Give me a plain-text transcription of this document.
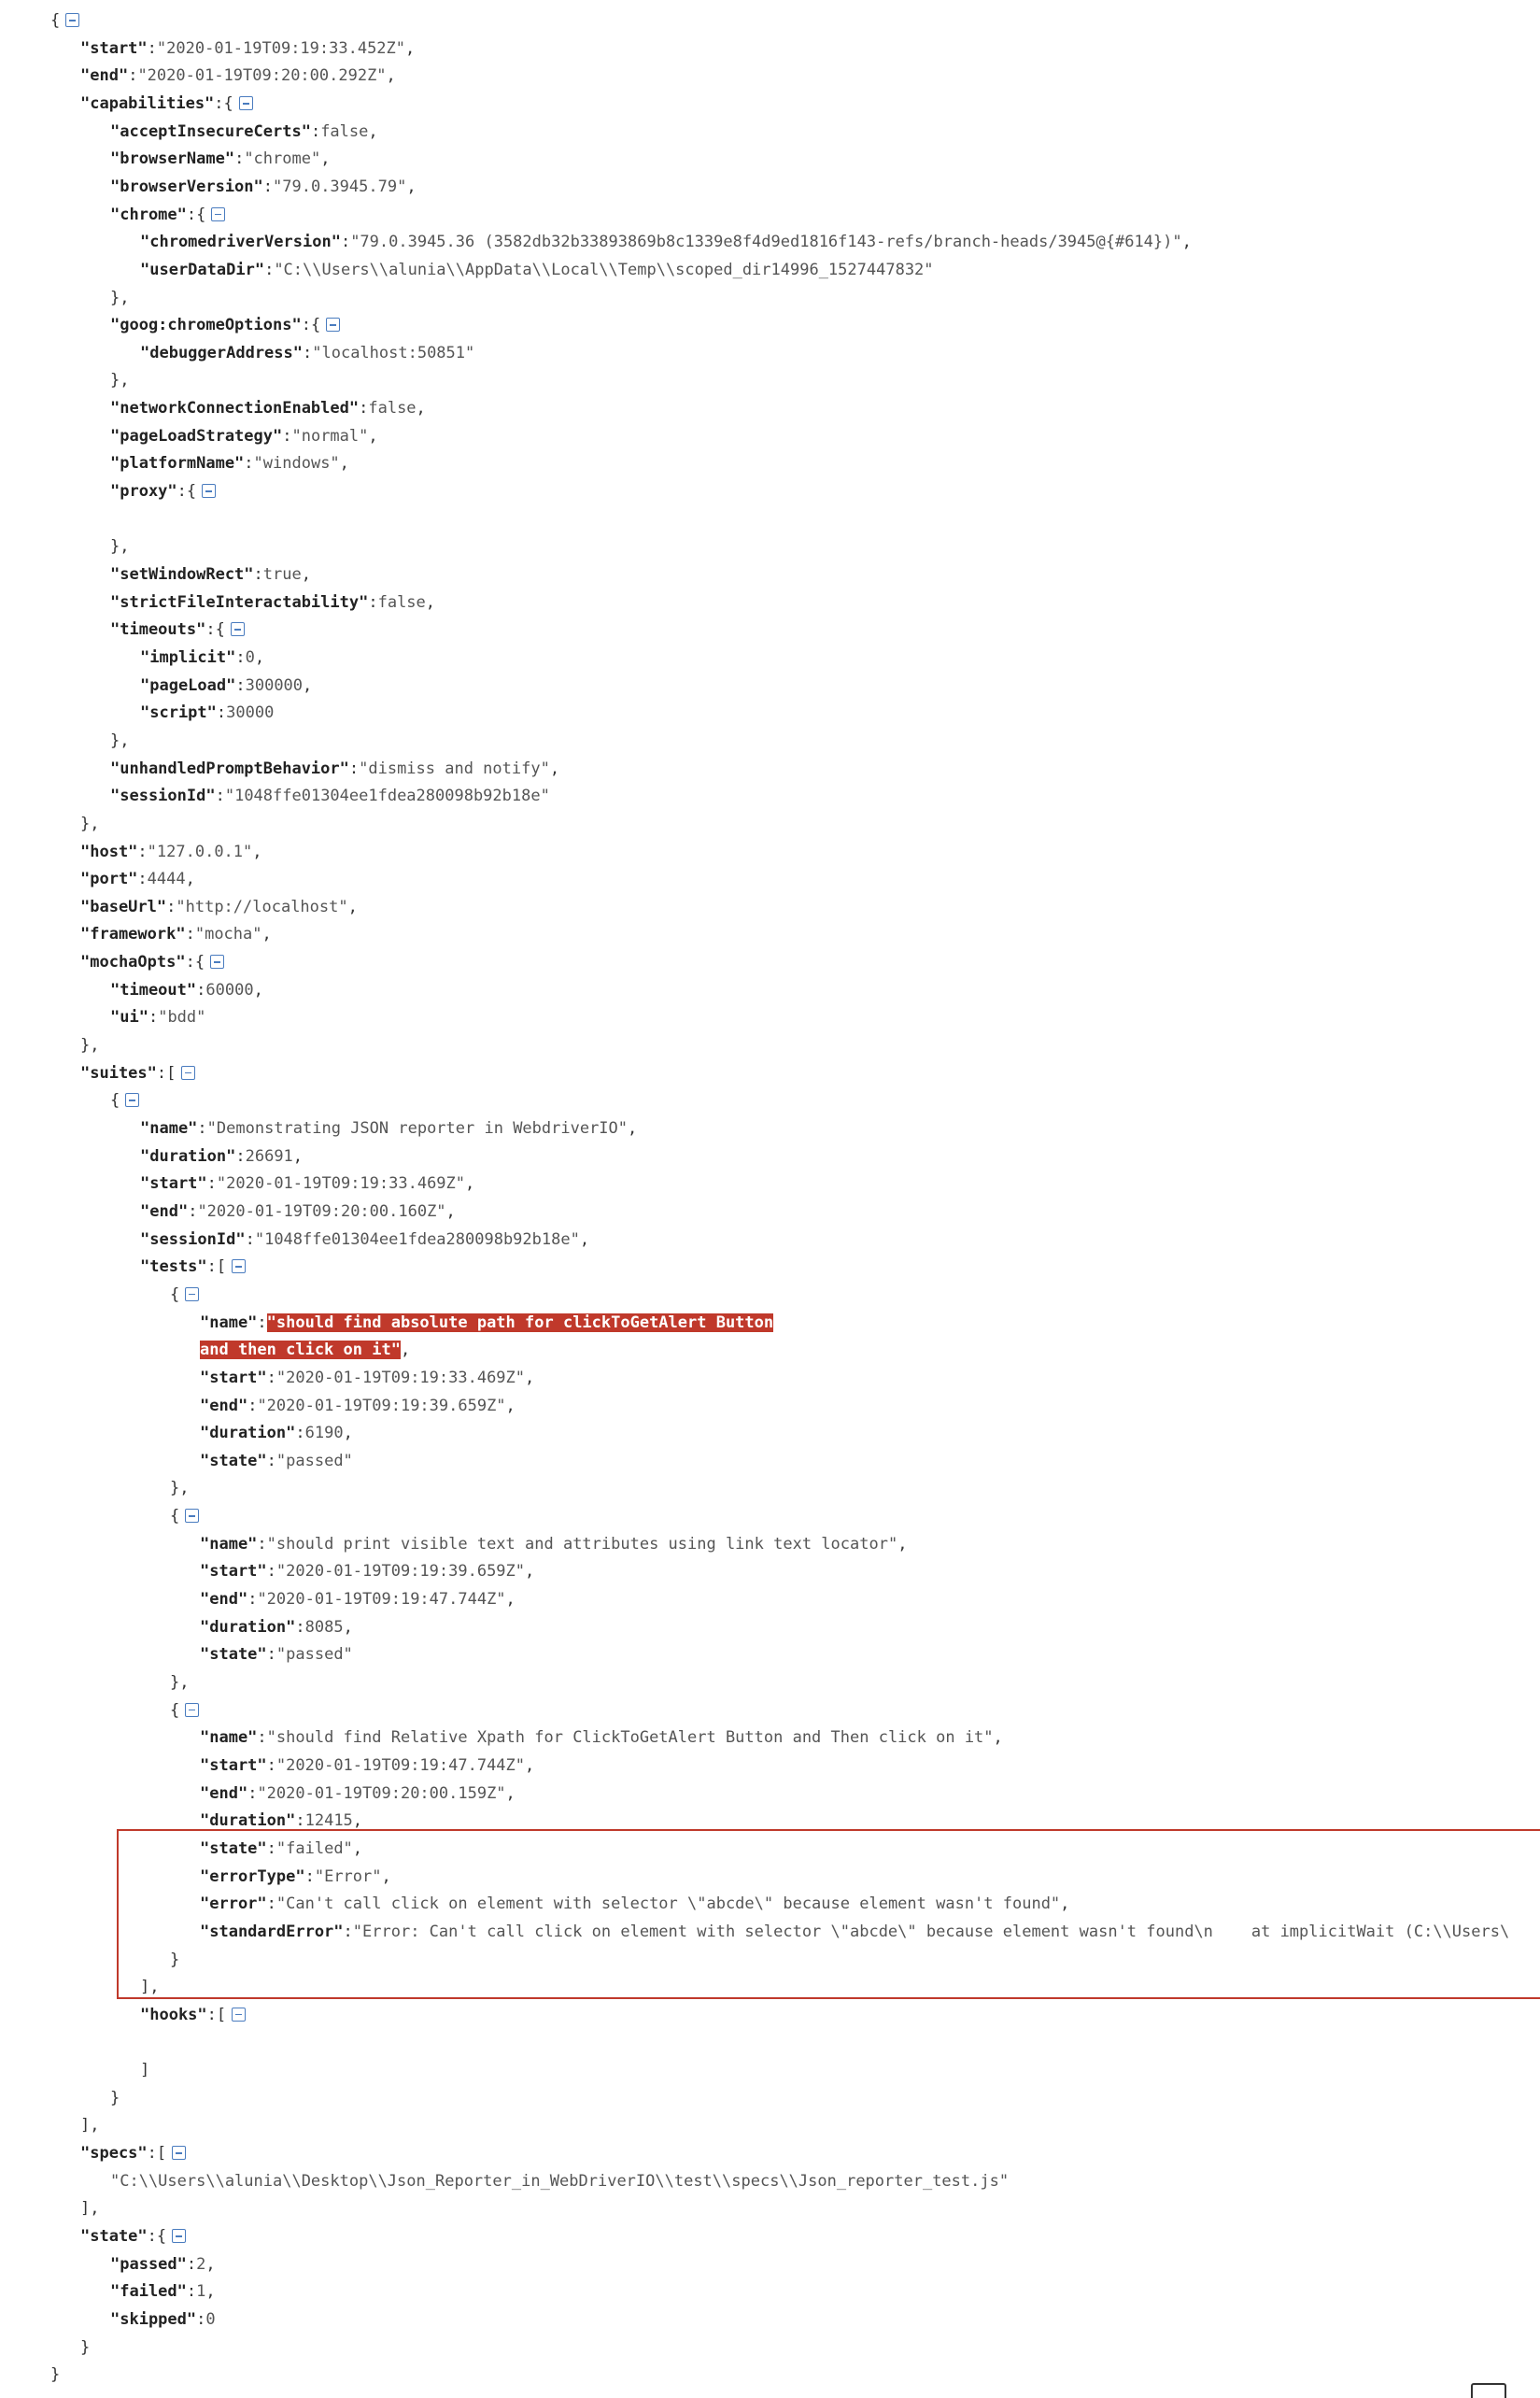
{
"start":"2020-01-19T09:19:33.452Z",
"end":"2020-01-19T09:20:00.292Z",
"capabilities":{
"acceptInsecureCerts":false,
"browserName":"chrome",
"browserVersion":"79.0.3945.79",
"chrome":{
"chromedriverVersion":"79.0.3945.36 (3582db32b33893869b8c1339e8f4d9ed1816f143-refs/branch-heads/3945@{#614})",
"userDataDir":"C:\\Users\\alunia\\AppData\\Local\\Temp\\scoped_dir14996_1527447832"
},
"goog:chromeOptions":{
"debuggerAddress":"localhost:50851"
},
"networkConnectionEnabled":false,
"pageLoadStrategy":"normal",
"platformName":"windows",
"proxy":{
},
"setWindowRect":true,
"strictFileInteractability":false,
"timeouts":{
"implicit":0,
"pageLoad":300000,
"script":30000
},
"unhandledPromptBehavior":"dismiss and notify",
"sessionId":"1048ffe01304ee1fdea280098b92b18e"
},
"host":"127.0.0.1",
"port":4444,
"baseUrl":"http://localhost",
"framework":"mocha",
"mochaOpts":{
"timeout":60000,
"ui":"bdd"
},
"suites":[
{
"name":"Demonstrating JSON reporter in WebdriverIO",
"duration":26691,
"start":"2020-01-19T09:19:33.469Z",
"end":"2020-01-19T09:20:00.160Z",
"sessionId":"1048ffe01304ee1fdea280098b92b18e",
"tests":[
{
"name":"should find absolute path for clickToGetAlert Button
and then click on it",
"start":"2020-01-19T09:19:33.469Z",
"end":"2020-01-19T09:19:39.659Z",
"duration":6190,
"state":"passed"
},
{
"name":"should print visible text and attributes using link text locator",
"start":"2020-01-19T09:19:39.659Z",
"end":"2020-01-19T09:19:47.744Z",
"duration":8085,
"state":"passed"
},
{
"name":"should find Relative Xpath for ClickToGetAlert Button and Then click on it",
"start":"2020-01-19T09:19:47.744Z",
"end":"2020-01-19T09:20:00.159Z",
"duration":12415,
"state":"failed",
"errorType":"Error",
"error":"Can't call click on element with selector \"abcde\" because element wasn't found",
"standardError":"Error: Can't call click on element with selector \"abcde\" because element wasn't found\n    at implicitWait (C:\\Users\
}
],
"hooks":[
]
}
],
"specs":[
"C:\\Users\\alunia\\Desktop\\Json_Reporter_in_WebDriverIO\\test\\specs\\Json_reporter_test.js"
],
"state":{
"passed":2,
"failed":1,
"skipped":0
}
}
